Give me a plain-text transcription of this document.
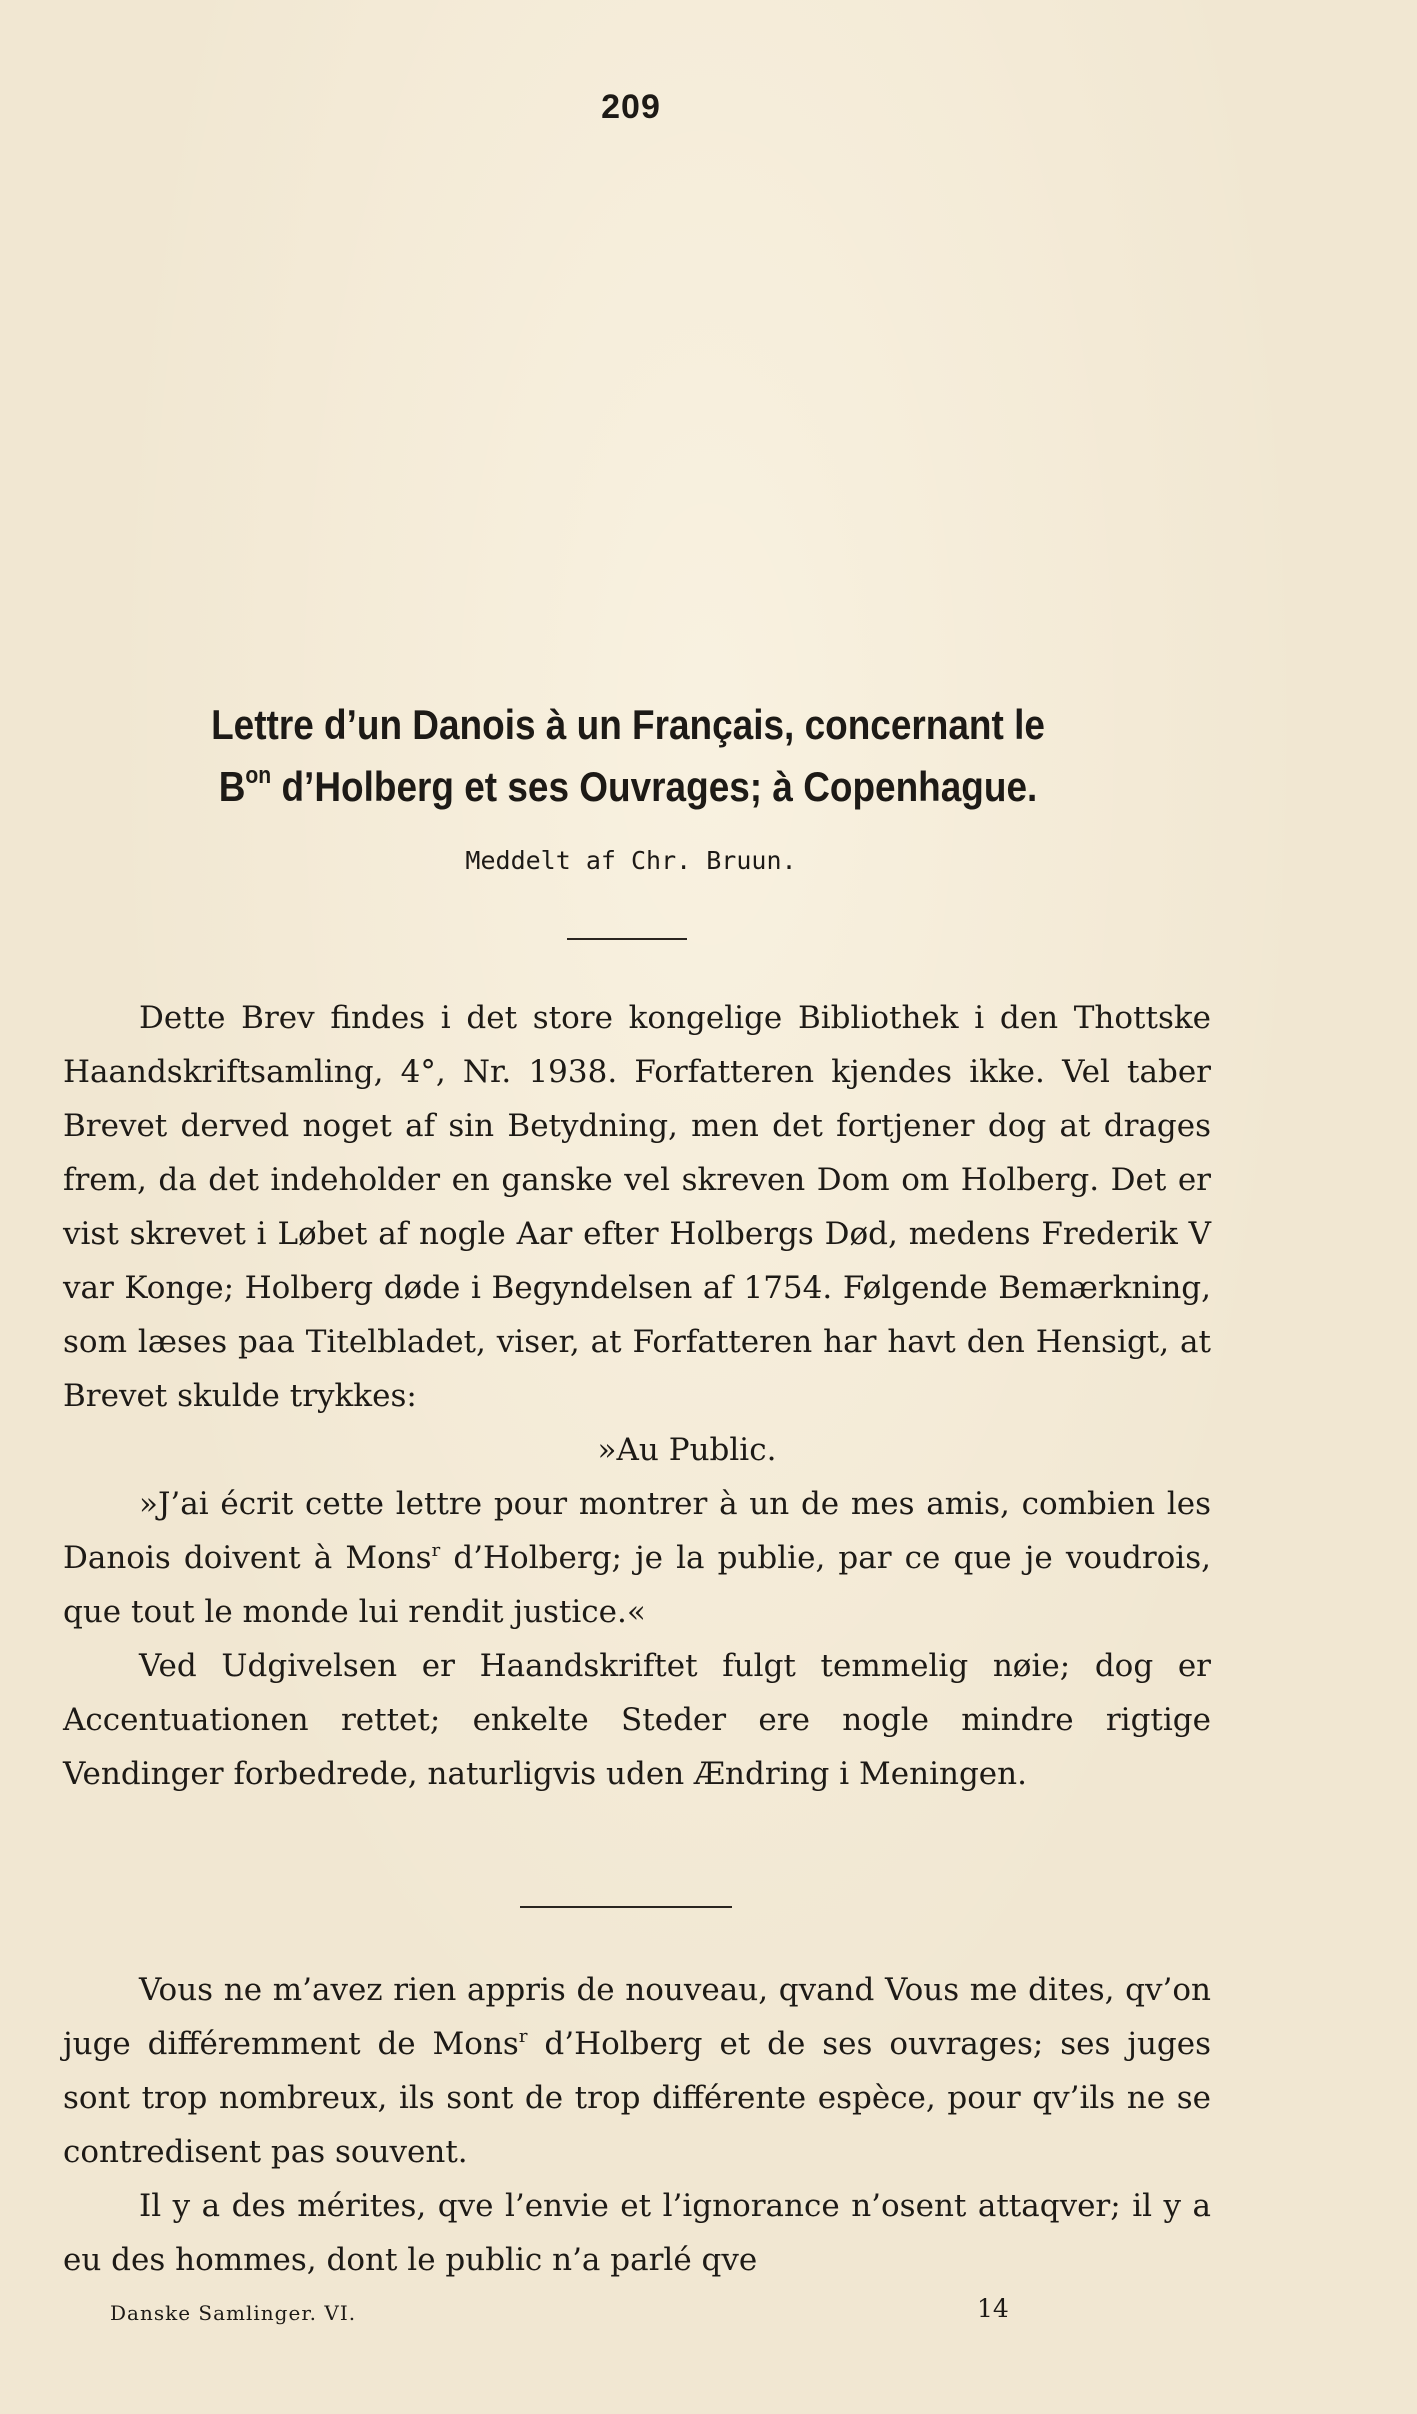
209
Lettre d’un Danois à un Français, concernant le
$B^{on}$ d’Holberg et ses Ouvrages; à Copenhague.
Meddelt af Chr. Bruun.

Dette Brev findes i det store kongelige Bibliothek i den Thottske Haandskriftsamling, 4°, Nr. 1938. Forfatteren kjendes ikke. Vel taber Brevet derved noget af sin Betydning, men det fortjener dog at drages frem, da det indeholder en ganske vel skreven Dom om Holberg. Det er vist skrevet i Løbet af nogle Aar efter Holbergs Død, medens Frederik V var Konge; Holberg døde i Begyndelsen af 1754. Følgende Bemærkning, som læses paa Titelbladet, viser, at Forfatteren har havt den Hensigt, at Brevet skulde trykkes:

»Au Public.

»J’ai écrit cette lettre pour montrer à un de mes amis, combien les Danois doivent à Mons$^r$ d’Holberg; je la publie, par ce que je voudrois, que tout le monde lui rendit justice.«

Ved Udgivelsen er Haandskriftet fulgt temmelig nøie; dog er Accentuationen rettet; enkelte Steder ere nogle mindre rigtige Vendinger forbedrede, naturligvis uden Ændring i Meningen.

Vous ne m’avez rien appris de nouveau, qvand Vous me dites, qv’on juge différemment de Mons$^r$ d’Holberg et de ses ouvrages; ses juges sont trop nombreux, ils sont de trop différente espèce, pour qv’ils ne se contredisent pas souvent.

Il y a des mérites, qve l’envie et l’ignorance n’osent attaqver; il y a eu des hommes, dont le public n’a parlé qve

Danske Samlinger. VI.	14
